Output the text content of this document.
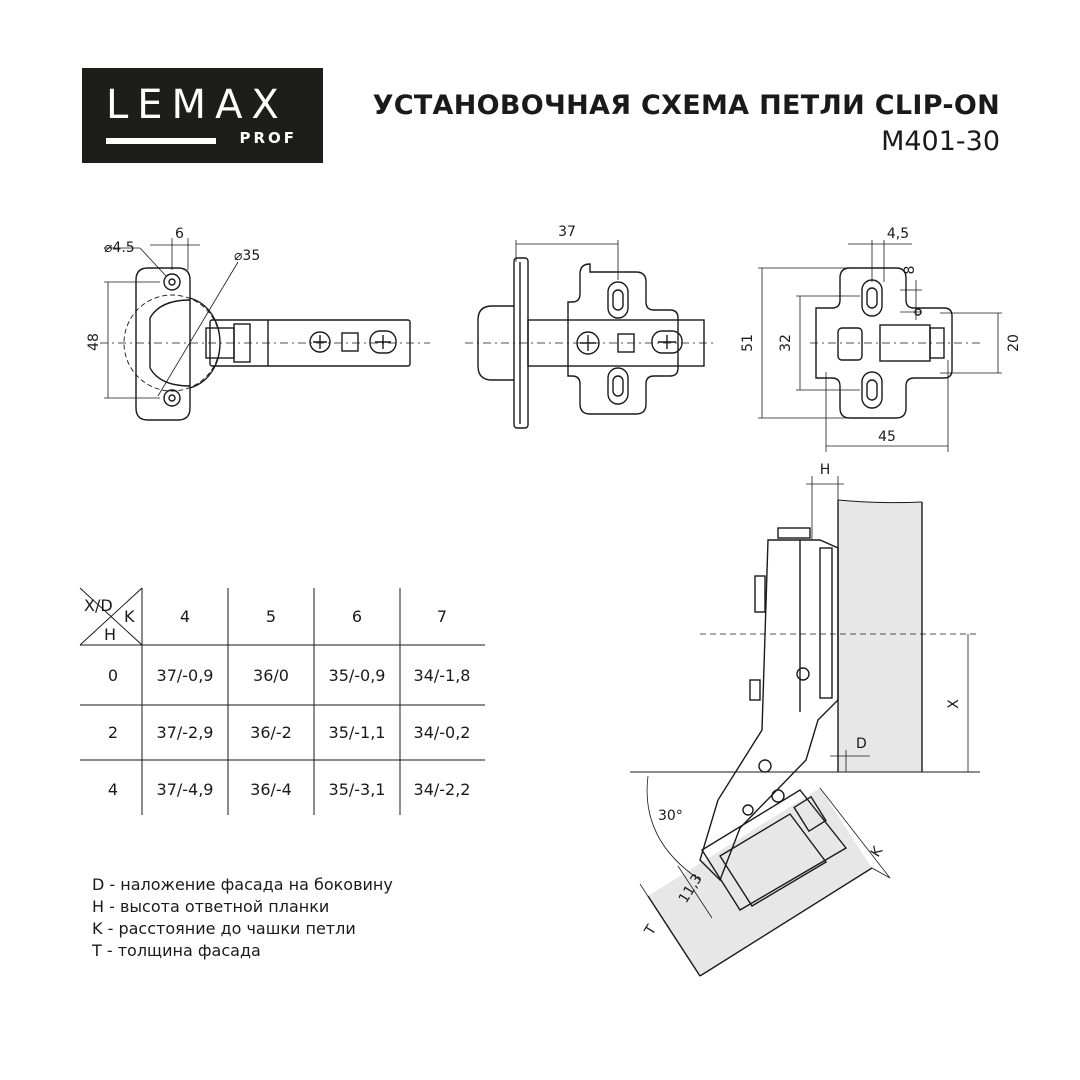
LEMAX
PROF
УСТАНОВОЧНАЯ СХЕМА ПЕТЛИ CLIP-ON
M401-30
⌀4.5
6
⌀35
48
37	4,5
8
51 32	20
45
H
X
D
30°
K
T
11,3
X/D
K
H
4	5	6	7
0 37/-0,9 36/0 35/-0,9 34/-1,8
2 37/-2,9 36/-2 35/-1,1 34/-0,2
4 37/-4,9 36/-4 35/-3,1 34/-2,2
D - наложение фасада на боковину
H - высота ответной планки
K - расстояние до чашки петли
T - толщина фасада
